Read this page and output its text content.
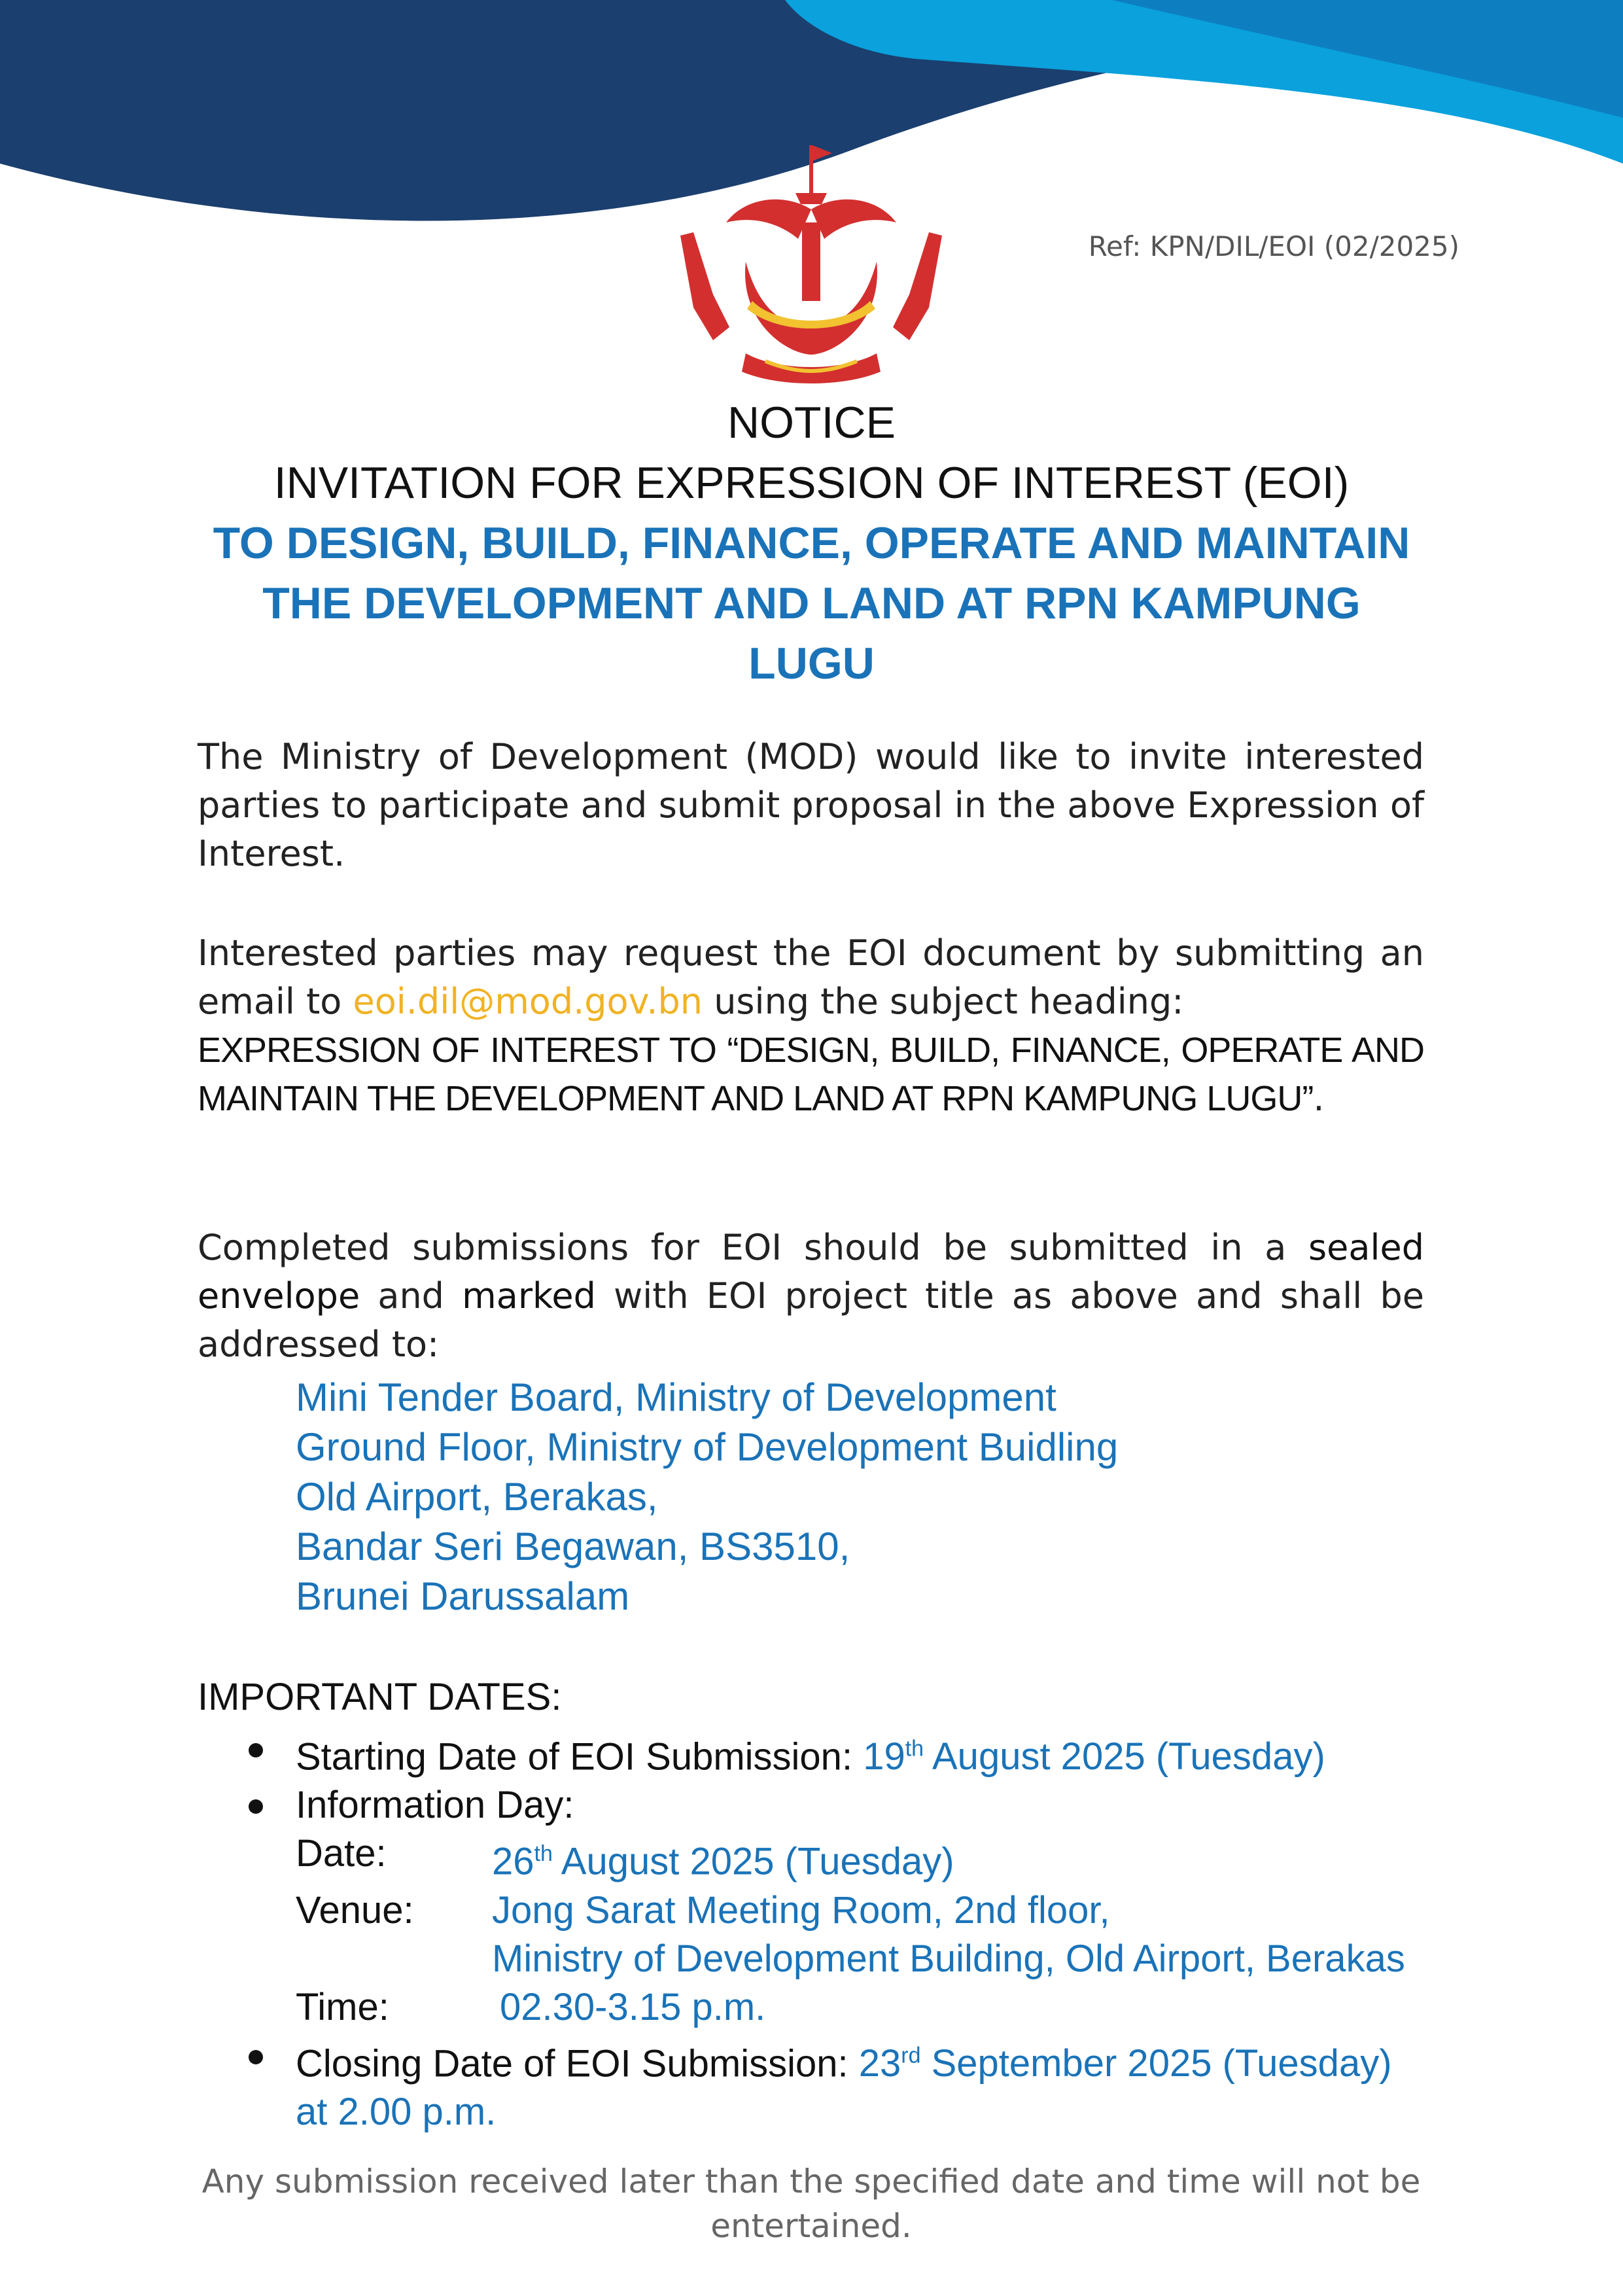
Ref: KPN/DIL/EOI (02/2025)
NOTICE
INVITATION FOR EXPRESSION OF INTEREST (EOI)
TO DESIGN, BUILD, FINANCE, OPERATE AND MAINTAIN
THE DEVELOPMENT AND LAND AT RPN KAMPUNG
LUGU
The Ministry of Development (MOD) would like to invite interested parties to participate and submit proposal in the above Expression of Interest.
Interested parties may request the EOI document by submitting an email to eoi.dil@mod.gov.bn using the subject heading:
EXPRESSION OF INTEREST TO “DESIGN, BUILD, FINANCE, OPERATE AND MAINTAIN THE DEVELOPMENT AND LAND AT RPN KAMPUNG LUGU”.
Completed submissions for EOI should be submitted in a sealed envelope and marked with EOI project title as above and shall be addressed to:
Mini Tender Board, Ministry of Development
Ground Floor, Ministry of Development Buidling
Old Airport, Berakas,
Bandar Seri Begawan, BS3510,
Brunei Darussalam
IMPORTANT DATES:
Starting Date of EOI Submission: 19th August 2025 (Tuesday)
Information Day:
Date:	26th August 2025 (Tuesday)
Venue:	Jong Sarat Meeting Room, 2nd floor,
Ministry of Development Building, Old Airport, Berakas
Time:	02.30-3.15 p.m.
Closing Date of EOI Submission: 23rd September 2025 (Tuesday)
at 2.00 p.m.
Any submission received later than the specified date and time will not be entertained.
